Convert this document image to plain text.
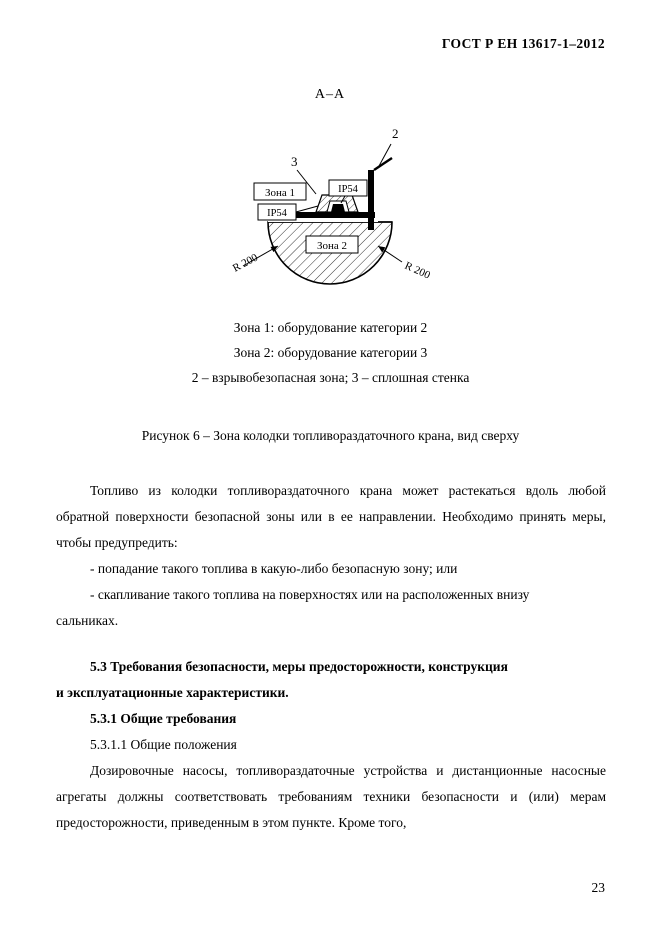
ГОСТ Р ЕН 13617-1–2012
А–А
2
3
Зона 1
IP54
IP54
Зона 2
R 200	R 200
Зона 1: оборудование категории 2
Зона 2: оборудование категории 3
2 – взрывобезопасная зона; 3 – сплошная стенка
Рисунок 6 – Зона колодки топливораздаточного крана, вид сверху

Топливо из колодки топливораздаточного крана может растекаться вдоль любой обратной поверхности безопасной зоны или в ее направлении. Необходимо принять меры, чтобы предупредить:

- попадание такого топлива в какую-либо безопасную зону; или

- скапливание такого топлива на поверхностях или на расположенных внизу

сальниках.

5.3 Требования безопасности, меры предосторожности, конструкция

и эксплуатационные характеристики.

5.3.1 Общие требования

5.3.1.1 Общие положения

Дозировочные насосы, топливораздаточные устройства и дистанционные насосные агрегаты должны соответствовать требованиям техники безопасности и (или) мерам предосторожности, приведенным в этом пункте. Кроме того,

23
